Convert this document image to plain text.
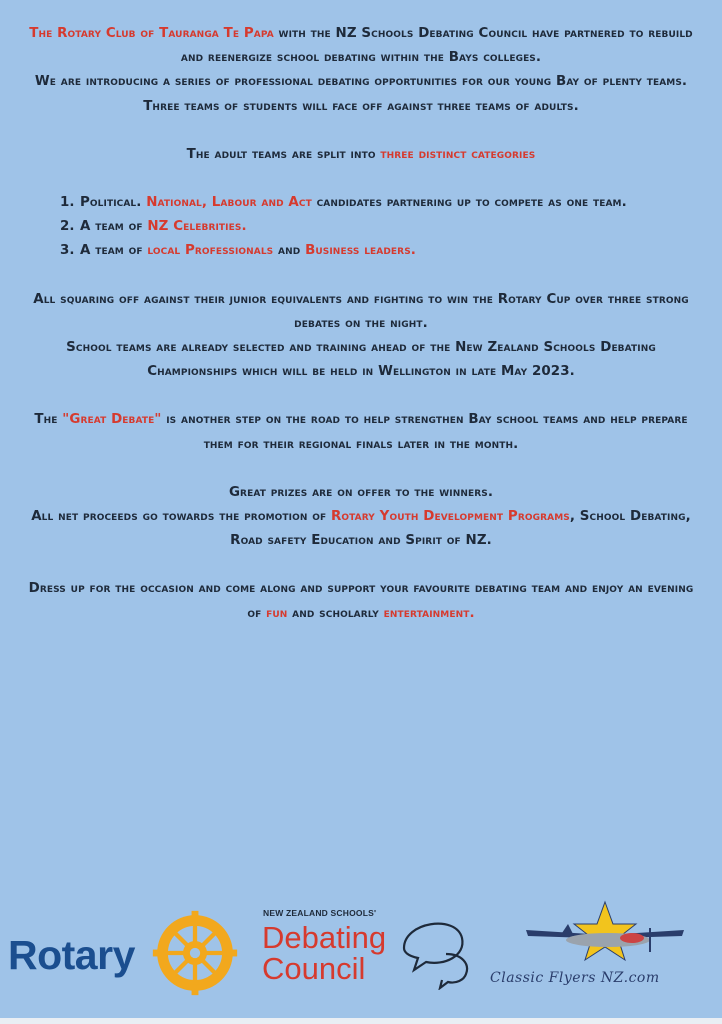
The Rotary Club of Tauranga Te Papa with the NZ Schools Debating Council have partnered to rebuild and reenergize school debating within the Bays colleges.

We are introducing a series of professional debating opportunities for our young Bay of plenty teams.

Three teams of students will face off against three teams of adults.

The adult teams are split into three distinct categories

1. Political. National, Labour and Act candidates partnering up to compete as one team.
2. A team of NZ Celebrities.
3. A team of local Professionals and Business leaders.

All squaring off against their junior equivalents and fighting to win the Rotary Cup over three strong debates on the night.

School teams are already selected and training ahead of the New Zealand Schools Debating Championships which will be held in Wellington in late May 2023.

The "Great Debate" is another step on the road to help strengthen Bay school teams and help prepare them for their regional finals later in the month.

Great prizes are on offer to the winners.

All net proceeds go towards the promotion of Rotary Youth Development Programs, School Debating, Road safety Education and Spirit of NZ.

Dress up for the occasion and come along and support your favourite debating team and enjoy an evening of fun and scholarly entertainment.

Rotary
NEW ZEALAND SCHOOLS'
Debating
Council	Classic Flyers NZ.com
